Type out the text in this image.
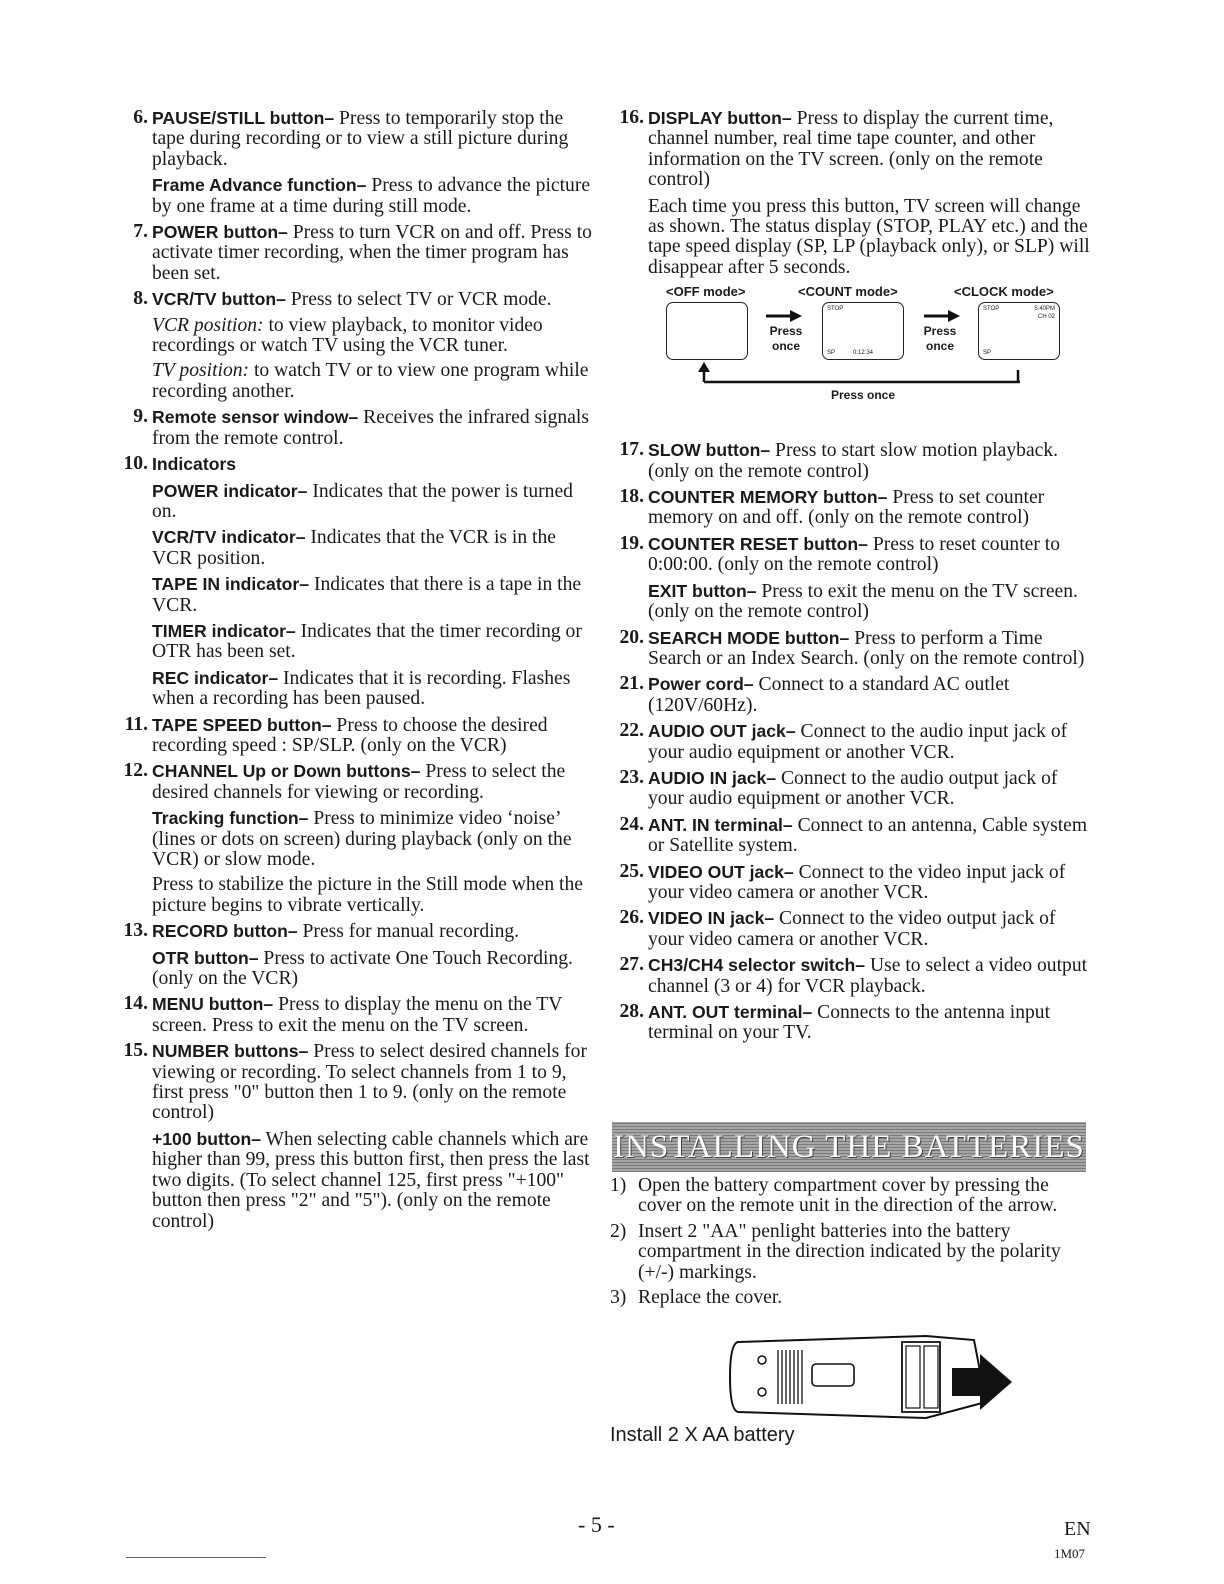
6. PAUSE/STILL button– Press to temporarily stop the tape during recording or to view a still picture during playback.
Frame Advance function– Press to advance the picture by one frame at a time during still mode.
7. POWER button– Press to turn VCR on and off. Press to activate timer recording, when the timer program has been set.
8. VCR/TV button– Press to select TV or VCR mode.
VCR position: to view playback, to monitor video recordings or watch TV using the VCR tuner.
TV position: to watch TV or to view one program while recording another.
9. Remote sensor window– Receives the infrared signals from the remote control.
10. Indicators
POWER indicator– Indicates that the power is turned on.
VCR/TV indicator– Indicates that the VCR is in the VCR position.
TAPE IN indicator– Indicates that there is a tape in the VCR.
TIMER indicator– Indicates that the timer recording or OTR has been set.
REC indicator– Indicates that it is recording. Flashes when a recording has been paused.
11. TAPE SPEED button– Press to choose the desired recording speed : SP/SLP. (only on the VCR)
12. CHANNEL Up or Down buttons– Press to select the desired channels for viewing or recording.
Tracking function– Press to minimize video ‘noise’ (lines or dots on screen) during playback (only on the VCR) or slow mode.
Press to stabilize the picture in the Still mode when the picture begins to vibrate vertically.
13. RECORD button– Press for manual recording.
OTR button– Press to activate One Touch Recording. (only on the VCR)
14. MENU button– Press to display the menu on the TV screen. Press to exit the menu on the TV screen.
15. NUMBER buttons– Press to select desired channels for viewing or recording. To select channels from 1 to 9, first press "0" button then 1 to 9. (only on the remote control)
+100 button– When selecting cable channels which are higher than 99, press this button first, then press the last two digits. (To select channel 125, first press "+100" button then press "2" and "5"). (only on the remote control)
16. DISPLAY button– Press to display the current time, channel number, real time tape counter, and other information on the TV screen. (only on the remote control)
Each time you press this button, TV screen will change as shown. The status display (STOP, PLAY etc.) and the tape speed display (SP, LP (playback only), or SLP) will disappear after 5 seconds.
<OFF mode>	<COUNT mode>	<CLOCK mode>
STOP
SP	0:12:34
STOP	5:40PM
CH 02
SP
Press
once
Press
once
Press once
17. SLOW button– Press to start slow motion playback. (only on the remote control)
18. COUNTER MEMORY button– Press to set counter memory on and off. (only on the remote control)
19. COUNTER RESET button– Press to reset counter to 0:00:00. (only on the remote control)
EXIT button– Press to exit the menu on the TV screen. (only on the remote control)
20. SEARCH MODE button– Press to perform a Time Search or an Index Search. (only on the remote control)
21. Power cord– Connect to a standard AC outlet (120V/60Hz).
22. AUDIO OUT jack– Connect to the audio input jack of your audio equipment or another VCR.
23. AUDIO IN jack– Connect to the audio output jack of your audio equipment or another VCR.
24. ANT. IN terminal– Connect to an antenna, Cable system or Satellite system.
25. VIDEO OUT jack– Connect to the video input jack of your video camera or another VCR.
26. VIDEO IN jack– Connect to the video output jack of your video camera or another VCR.
27. CH3/CH4 selector switch– Use to select a video output channel (3 or 4) for VCR playback.
28. ANT. OUT terminal– Connects to the antenna input terminal on your TV.
INSTALLING THE BATTERIES
1) Open the battery compartment cover by pressing the cover on the remote unit in the direction of the arrow.
2) Insert 2 "AA" penlight batteries into the battery compartment in the direction indicated by the polarity (+/-) markings.
3) Replace the cover.
Install 2 X AA battery
- 5 -	EN
1M07
